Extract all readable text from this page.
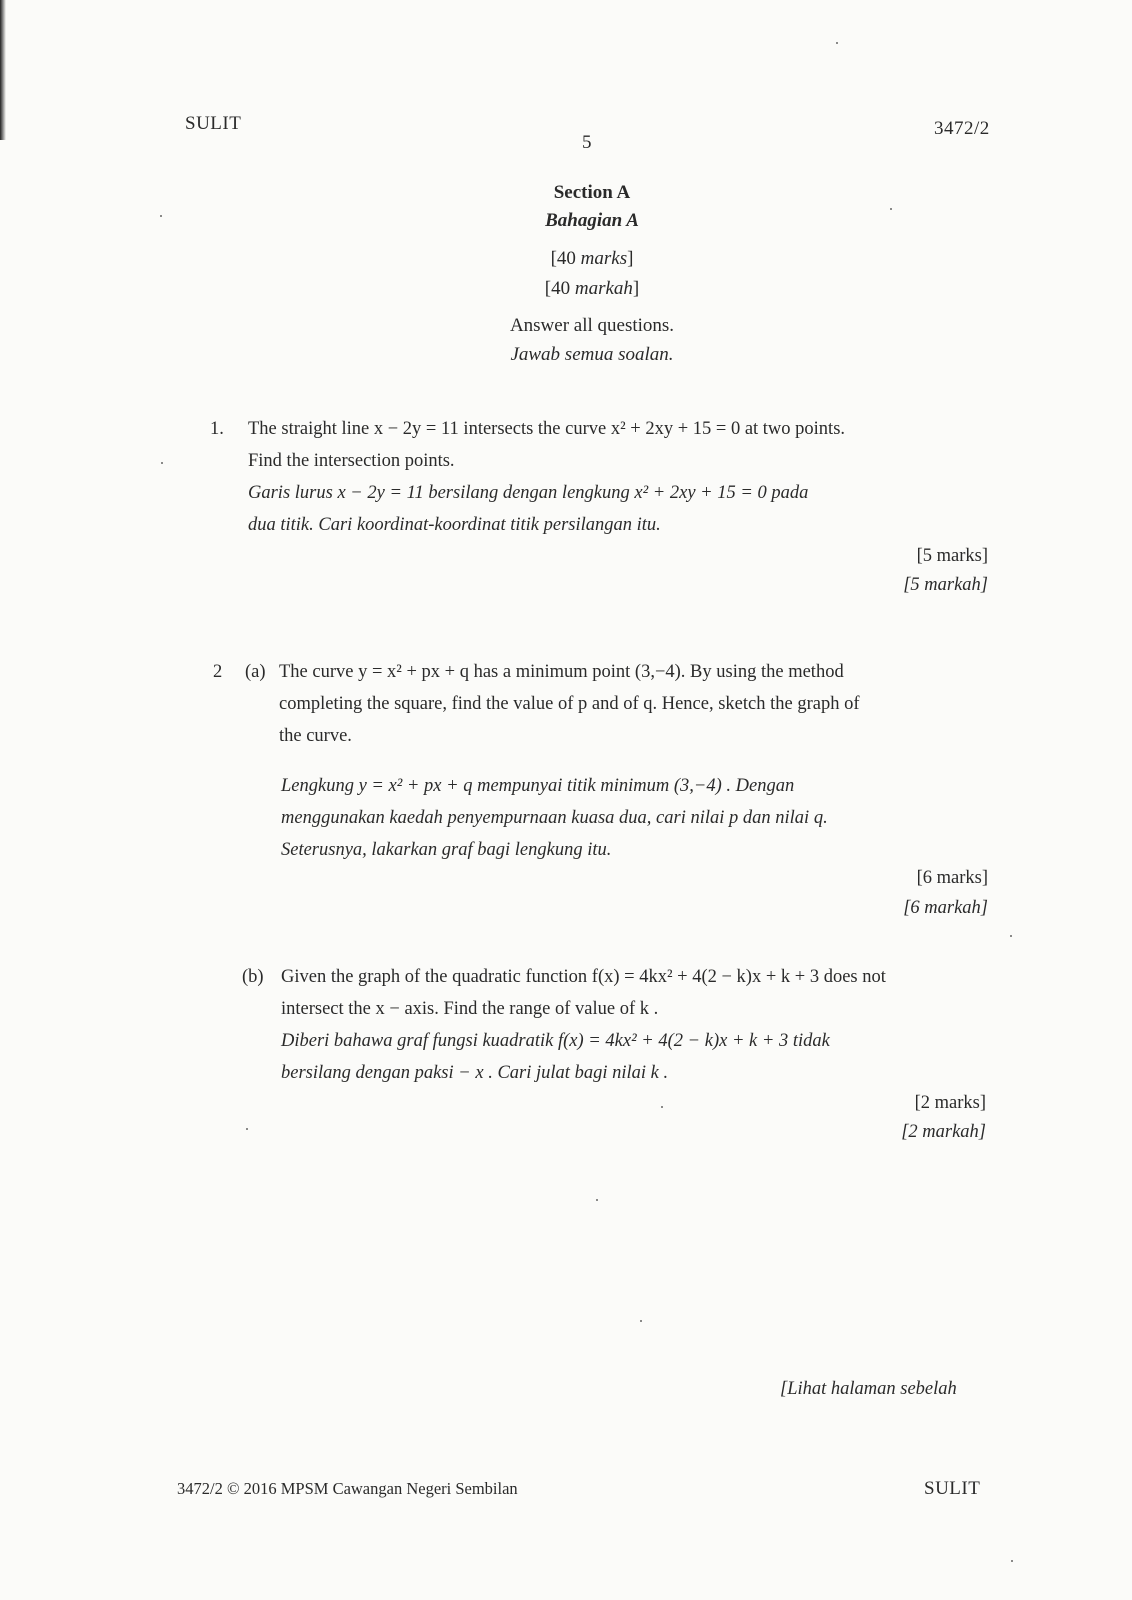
SULIT
5
3472/2
Section A
Bahagian A
[40 marks]
[40 markah]
Answer all questions.
Jawab semua soalan.
1. The straight line x − 2y = 11 intersects the curve x² + 2xy + 15 = 0 at two points.
Find the intersection points.
Garis lurus x − 2y = 11 bersilang dengan lengkung x² + 2xy + 15 = 0 pada
dua titik. Cari koordinat-koordinat titik persilangan itu.
[5 marks]
[5 markah]
2 (a) The curve y = x² + px + q has a minimum point (3,−4). By using the method
completing the square, find the value of p and of q. Hence, sketch the graph of
the curve.
Lengkung y = x² + px + q mempunyai titik minimum (3,−4) . Dengan
menggunakan kaedah penyempurnaan kuasa dua, cari nilai p dan nilai q.
Seterusnya, lakarkan graf bagi lengkung itu.
[6 marks]
[6 markah]
(b) Given the graph of the quadratic function f(x) = 4kx² + 4(2 − k)x + k + 3 does not
intersect the x − axis. Find the range of value of k .
Diberi bahawa graf fungsi kuadratik f(x) = 4kx² + 4(2 − k)x + k + 3 tidak
bersilang dengan paksi − x . Cari julat bagi nilai k .
[2 marks]
[2 markah]
[Lihat halaman sebelah
3472/2 © 2016 MPSM Cawangan Negeri Sembilan	SULIT
